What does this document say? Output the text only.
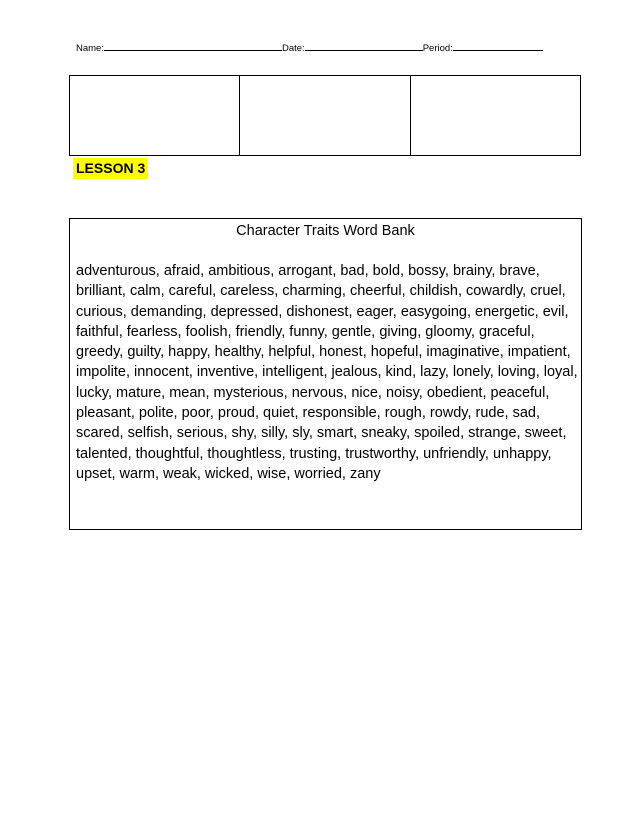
Name:	Date:	Period:
LESSON 3
Character Traits Word Bank
adventurous, afraid, ambitious, arrogant, bad, bold, bossy, brainy, brave, brilliant, calm, careful, careless, charming, cheerful, childish, cowardly, cruel, curious, demanding, depressed, dishonest, eager, easygoing, energetic, evil, faithful, fearless, foolish, friendly, funny, gentle, giving, gloomy, graceful, greedy, guilty, happy, healthy, helpful, honest, hopeful, imaginative, impatient, impolite, innocent, inventive, intelligent, jealous, kind, lazy, lonely, loving, loyal, lucky, mature, mean, mysterious, nervous, nice, noisy, obedient, peaceful, pleasant, polite, poor, proud, quiet, responsible, rough, rowdy, rude, sad, scared, selfish, serious, shy, silly, sly, smart, sneaky, spoiled, strange, sweet, talented, thoughtful, thoughtless, trusting, trustworthy, unfriendly, unhappy, upset, warm, weak, wicked, wise, worried, zany
